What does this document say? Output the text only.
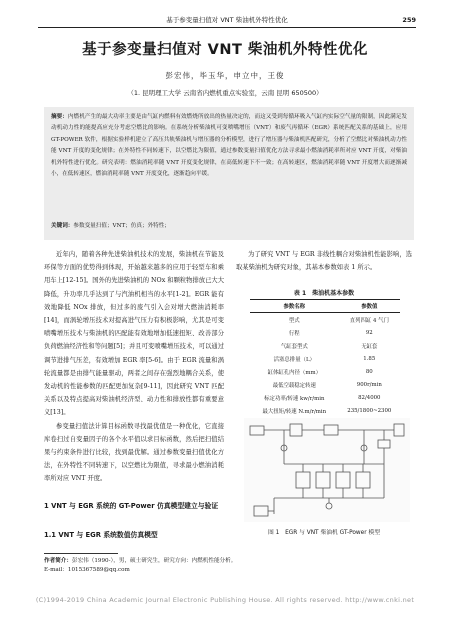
基于参变量扫值对 VNT 柴油机外特性优化	259
基于参变量扫值对 VNT 柴油机外特性优化
彭宏伟，毕玉华，申立中，王俊
（1. 昆明理工大学 云南省内燃机重点实验室，云南 昆明 650500）
摘要：内燃机产生的最大功率主要是由气缸内燃料有效燃烧所放出的热量决定的，而这又受到每循环吸入气缸内实际空气量的限制，因此满足发动机动力性的能提高应充分考虑空燃比的影响。在系统分析柴油机可变喷嘴增压（VNT）和废气再循环（EGR）系统匹配关系的基础上，应用 GT-POWER 软件，根据实验样机建立了高压共轨柴油机与增压器的分析模型，进行了增压器与柴油机匹配研究，分析了空燃比对柴油机动力性能 VNT 开度的变化规律；在外特性不同转速下，以空燃比为限值，通过参数变量扫值优化方法寻求最小燃油消耗率所对应 VNT 开度，对柴油机外特性进行优化。研究表明：燃油消耗率随 VNT 开度变化规律，在高低转速下不一致；在高转速区，燃油消耗率随 VNT 开度增大而逐渐减小，在低转速区，燃油消耗率随 VNT 开度变化，逐渐趋向平缓。
关键词：参数变量扫值；VNT；仿真；外特性；

近年内，随着各种先进柴油机技术的发展，柴油机在节能及环保等方面的优势得到体现，开始越来越多的应用于轻型车和乘用车上[12-15]。国外的先进柴油机的 NOx 和颗粒物排放已大大降低，升功率几乎达到了与汽油机相当的水平[1-2]。EGR 能有效地降低 NOx 排放，但过多的废气引入会对增大燃油消耗率[14]，而涡轮增压技术对提高进气压力有积极影响，尤其是可变喷嘴增压技术与柴油机的匹配能有效地增加低速扭矩、改善部分负荷燃油经济性和等问题[5]；并且可变喷嘴增压技术，可以通过调节进排气压差，有效增加 EGR 率[5-6]。由于 EGR 流量和涡轮流量都是由排气能量驱动，两者之间存在强烈地耦合关系，使发动机的性能参数的匹配更加复杂[9-11]，因此研究 VNT 匹配关系以及特点提高对柴油机经济型、动力性和排放性都有重要意义[13]。

参变量扫值法计算目标函数寻找最优值是一种优化，它直接库卷扫过自变量因子的各个水平值以求目标函数，然后把扫值结果与约束条件进行比较，找到最优解。通过参数变量扫值优化方法，在外特性不同转速下，以空燃比为限值，寻求最小燃油消耗率所对应 VNT 开度。

1 VNT 与 EGR 系统的 GT-Power 仿真模型建立与验证
1.1 VNT 与 EGR 系统数值仿真模型

为了研究 VNT 与 EGR 非线性耦合对柴油机性能影响，选取某柴油机为研究对象，其基本参数如表 1 所示。

表 1　柴油机基本参数
参数名称	参数值
型式	直列四缸 4 气门
行程	92
气缸套型式	无缸套
活塞总排量（L）	1.85
缸体缸孔内径（mm）	80
最低空载稳定转速	900r/min
标定功率/转速 kw/r/min	82/4000
最大扭矩/转速 N.m/r/min	235/1800~2300

图 1　EGR 与 VNT 柴油机 GT-Power 模型
作者简介：彭宏伟（1990-），男，硕士研究生，研究方向：内燃机性能分析。
E-mail：1015367589@qq.com
(C)1994-2019 China Academic Journal Electronic Publishing House. All rights reserved. http://www.cnki.net
